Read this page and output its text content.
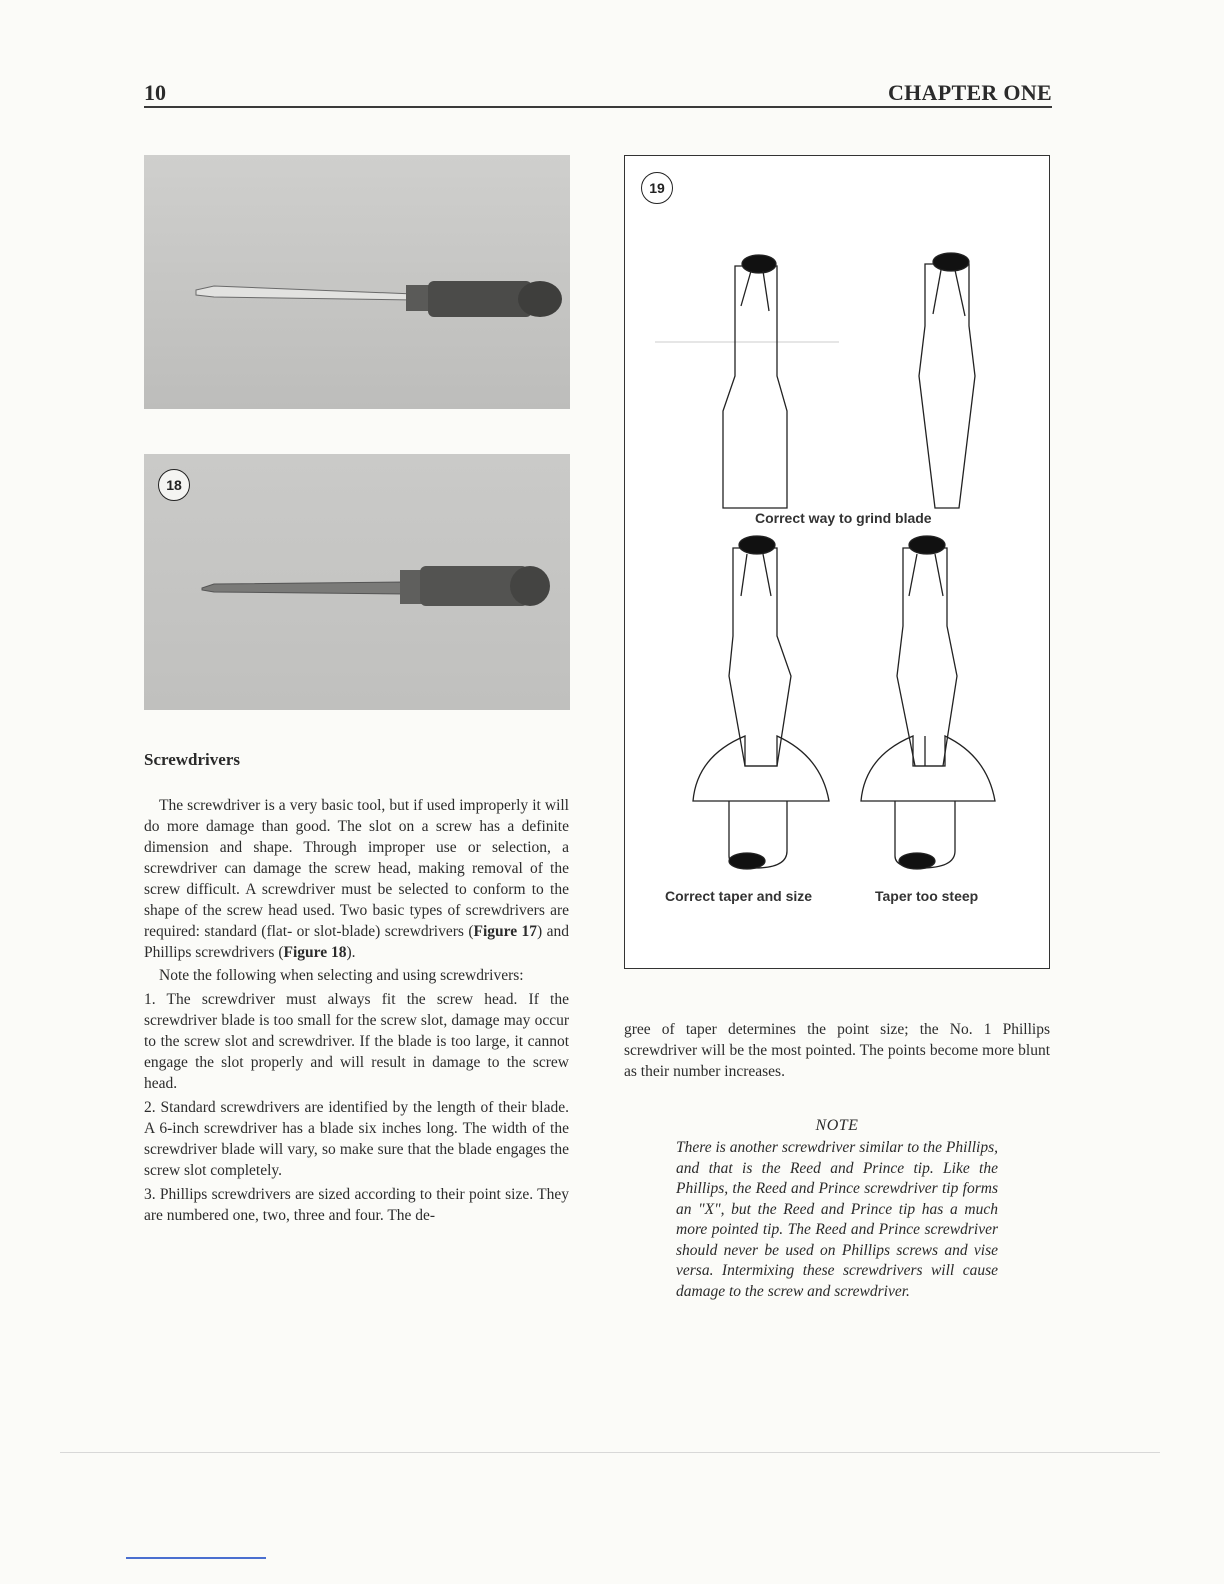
10	CHAPTER ONE
18
Screwdrivers

The screwdriver is a very basic tool, but if used improperly it will do more damage than good. The slot on a screw has a definite dimension and shape. Through improper use or selection, a screwdriver can damage the screw head, making removal of the screw difficult. A screwdriver must be selected to conform to the shape of the screw head used. Two basic types of screwdrivers are required: standard (flat- or slot-blade) screwdrivers (Figure 17) and Phillips screwdrivers (Figure 18).

Note the following when selecting and using screwdrivers:

1. The screwdriver must always fit the screw head. If the screwdriver blade is too small for the screw slot, damage may occur to the screw slot and screwdriver. If the blade is too large, it cannot engage the slot properly and will result in damage to the screw head.

2. Standard screwdrivers are identified by the length of their blade. A 6-inch screwdriver has a blade six inches long. The width of the screwdriver blade will vary, so make sure that the blade engages the screw slot completely.

3. Phillips screwdrivers are sized according to their point size. They are numbered one, two, three and four. The de-

19
Correct way to grind blade
Correct taper and size	Taper too steep
gree of taper determines the point size; the No. 1 Phillips screwdriver will be the most pointed. The points become more blunt as their number increases.
NOTE
There is another screwdriver similar to the Phillips, and that is the Reed and Prince tip. Like the Phillips, the Reed and Prince screwdriver tip forms an "X", but the Reed and Prince tip has a much more pointed tip. The Reed and Prince screwdriver should never be used on Phillips screws and vise versa. Intermixing these screwdrivers will cause damage to the screw and screwdriver.
